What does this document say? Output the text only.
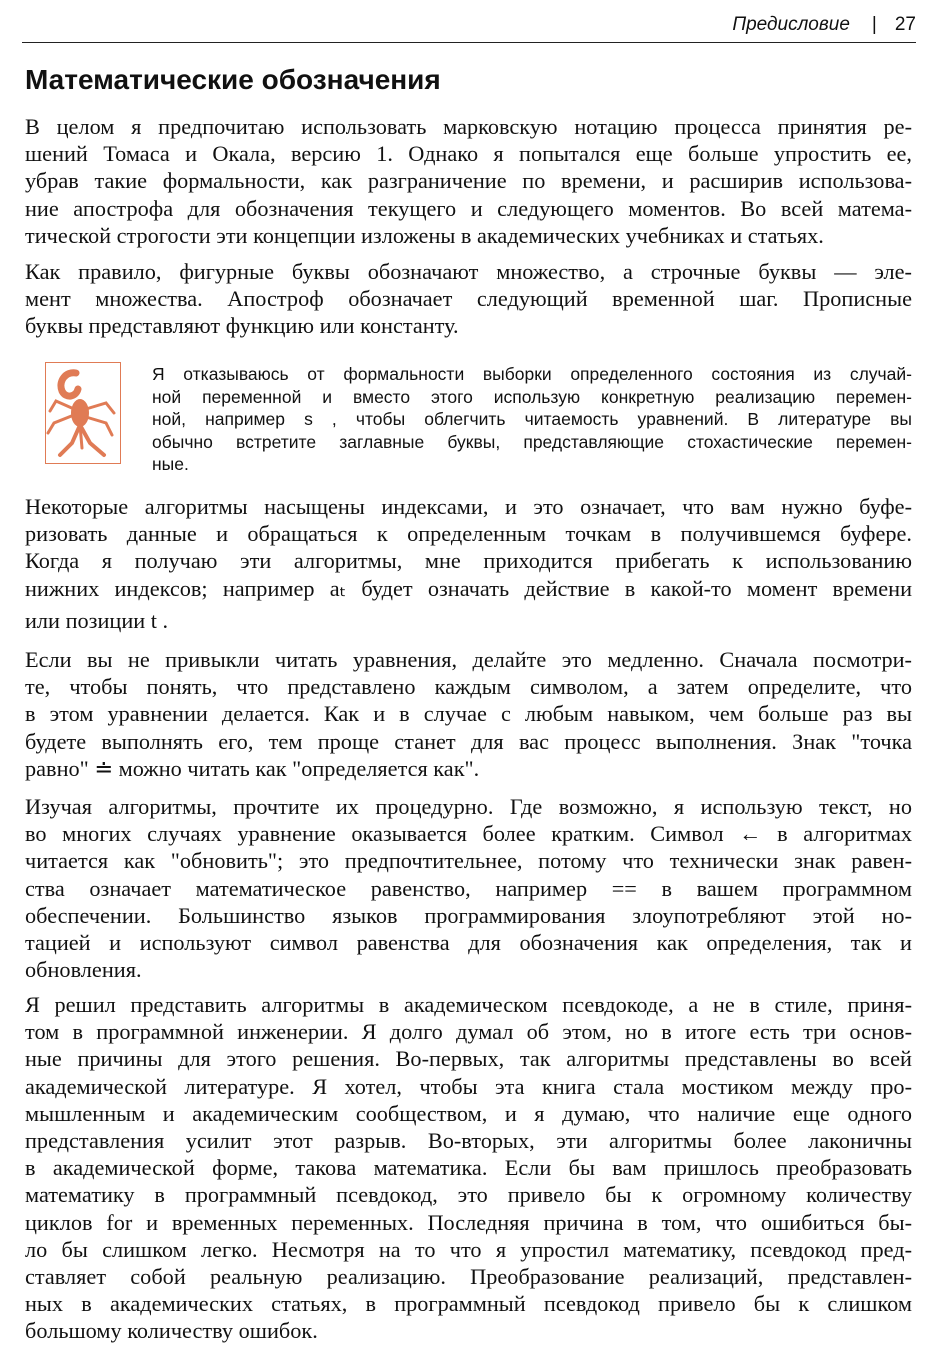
Предисловие | 27
Математические обозначения
В целом я предпочитаю использовать марковскую нотацию процесса принятия ре-
шений Томаса и Окала, версию 1. Однако я попытался еще больше упростить ее,
убрав такие формальности, как разграничение по времени, и расширив использова-
ние апострофа для обозначения текущего и следующего моментов. Во всей матема-
тической строгости эти концепции изложены в академических учебниках и статьях.
Как правило, фигурные буквы обозначают множество, а строчные буквы — эле-
мент множества. Апостроф обозначает следующий временной шаг. Прописные
буквы представляют функцию или константу.
Я отказываюсь от формальности выборки определенного состояния из случай-
ной переменной и вместо этого использую конкретную реализацию перемен-
ной, например s , чтобы облегчить читаемость уравнений. В литературе вы
обычно встретите заглавные буквы, представляющие стохастические перемен-
ные.
Некоторые алгоритмы насыщены индексами, и это означает, что вам нужно буфе-
ризовать данные и обращаться к определенным точкам в получившемся буфере.
Когда я получаю эти алгоритмы, мне приходится прибегать к использованию
нижних индексов; например aₜ будет означать действие в какой-то момент времени
или позиции t .
Если вы не привыкли читать уравнения, делайте это медленно. Сначала посмотри-
те, чтобы понять, что представлено каждым символом, а затем определите, что
в этом уравнении делается. Как и в случае с любым навыком, чем больше раз вы
будете выполнять его, тем проще станет для вас процесс выполнения. Знак "точка
равно" ≐ можно читать как "определяется как".
Изучая алгоритмы, прочтите их процедурно. Где возможно, я использую текст, но
во многих случаях уравнение оказывается более кратким. Символ ← в алгоритмах
читается как "обновить"; это предпочтительнее, потому что технически знак равен-
ства означает математическое равенство, например == в вашем программном
обеспечении. Большинство языков программирования злоупотребляют этой но-
тацией и используют символ равенства для обозначения как определения, так и
обновления.
Я решил представить алгоритмы в академическом псевдокоде, а не в стиле, приня-
том в программной инженерии. Я долго думал об этом, но в итоге есть три основ-
ные причины для этого решения. Во-первых, так алгоритмы представлены во всей
академической литературе. Я хотел, чтобы эта книга стала мостиком между про-
мышленным и академическим сообществом, и я думаю, что наличие еще одного
представления усилит этот разрыв. Во-вторых, эти алгоритмы более лаконичны
в академической форме, такова математика. Если бы вам пришлось преобразовать
математику в программный псевдокод, это привело бы к огромному количеству
циклов for и временных переменных. Последняя причина в том, что ошибиться бы-
ло бы слишком легко. Несмотря на то что я упростил математику, псевдокод пред-
ставляет собой реальную реализацию. Преобразование реализаций, представлен-
ных в академических статьях, в программный псевдокод привело бы к слишком
большому количеству ошибок.
